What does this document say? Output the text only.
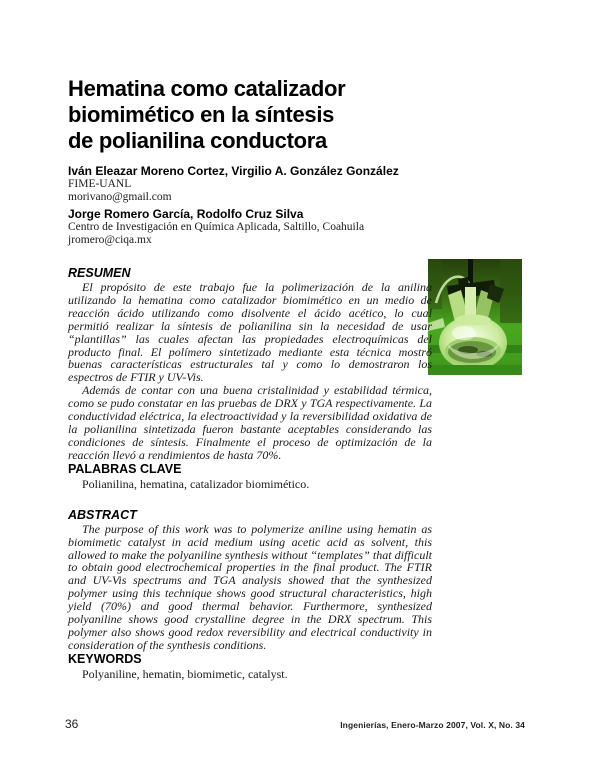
Hematina como catalizador
biomimético en la síntesis
de polianilina conductora
Iván Eleazar Moreno Cortez, Virgilio A. González González
FIME-UANL
morivano@gmail.com
Jorge Romero García, Rodolfo Cruz Silva
Centro de Investigación en Química Aplicada, Saltillo, Coahuila
jromero@ciqa.mx
RESUMEN

El propósito de este trabajo fue la polimerización de la anilina utilizando la hematina como catalizador biomimético en un medio de reacción ácido utilizando como disolvente el ácido acético, lo cual permitió realizar la síntesis de polianilina sin la necesidad de usar “plantillas” las cuales afectan las propiedades electroquímicas del producto final. El polímero sintetizado mediante esta técnica mostró buenas características estructurales tal y como lo demostraron los espectros de FTIR y UV-Vis.

Además de contar con una buena cristalinidad y estabilidad térmica, como se pudo constatar en las pruebas de DRX y TGA respectivamente. La conductividad eléctrica, la electroactividad y la reversibilidad oxidativa de la polianilina sintetizada fueron bastante aceptables considerando las condiciones de síntesis. Finalmente el proceso de optimización de la reacción llevó a rendimientos de hasta 70%.

PALABRAS CLAVE
Polianilina, hematina, catalizador biomimético.
ABSTRACT

The purpose of this work was to polymerize aniline using hematin as biomimetic catalyst in acid medium using acetic acid as solvent, this allowed to make the polyaniline synthesis without “templates” that difficult to obtain good electrochemical properties in the final product. The FTIR and UV-Vis spectrums and TGA analysis showed that the synthesized polymer using this technique shows good structural characteristics, high yield (70%) and good thermal behavior. Furthermore, synthesized polyaniline shows good crystalline degree in the DRX spectrum. This polymer also shows good redox reversibility and electrical conductivity in consideration of the synthesis conditions.

KEYWORDS
Polyaniline, hematin, biomimetic, catalyst.
36	Ingenierías, Enero-Marzo 2007, Vol. X, No. 34
